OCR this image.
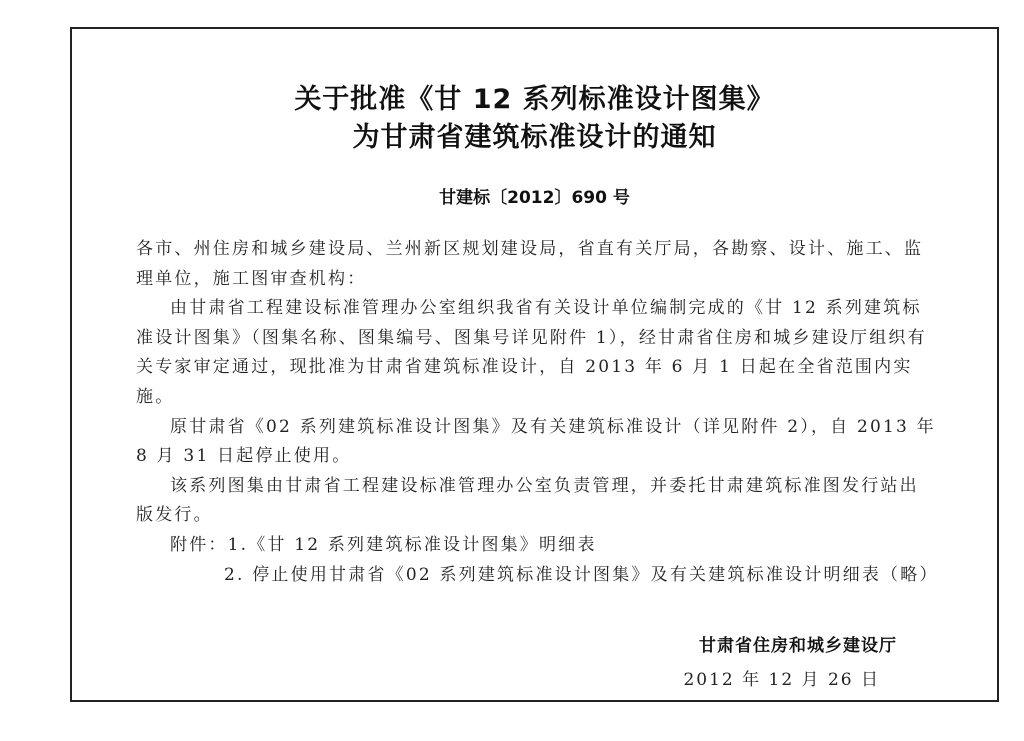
关于批准《甘 12 系列标准设计图集》
为甘肃省建筑标准设计的通知
甘建标〔2012〕690 号

各市、州住房和城乡建设局、兰州新区规划建设局，省直有关厅局，各勘察、设计、施工、监理单位，施工图审查机构：

由甘肃省工程建设标准管理办公室组织我省有关设计单位编制完成的《甘 12 系列建筑标准设计图集》（图集名称、图集编号、图集号详见附件 1），经甘肃省住房和城乡建设厅组织有关专家审定通过，现批准为甘肃省建筑标准设计，自 2013 年 6 月 1 日起在全省范围内实施。

原甘肃省《02 系列建筑标准设计图集》及有关建筑标准设计（详见附件 2），自 2013 年 8 月 31 日起停止使用。

该系列图集由甘肃省工程建设标准管理办公室负责管理，并委托甘肃建筑标准图发行站出版发行。

附件：1.《甘 12 系列建筑标准设计图集》明细表

2. 停止使用甘肃省《02 系列建筑标准设计图集》及有关建筑标准设计明细表（略）

甘肃省住房和城乡建设厅
2012 年 12 月 26 日
